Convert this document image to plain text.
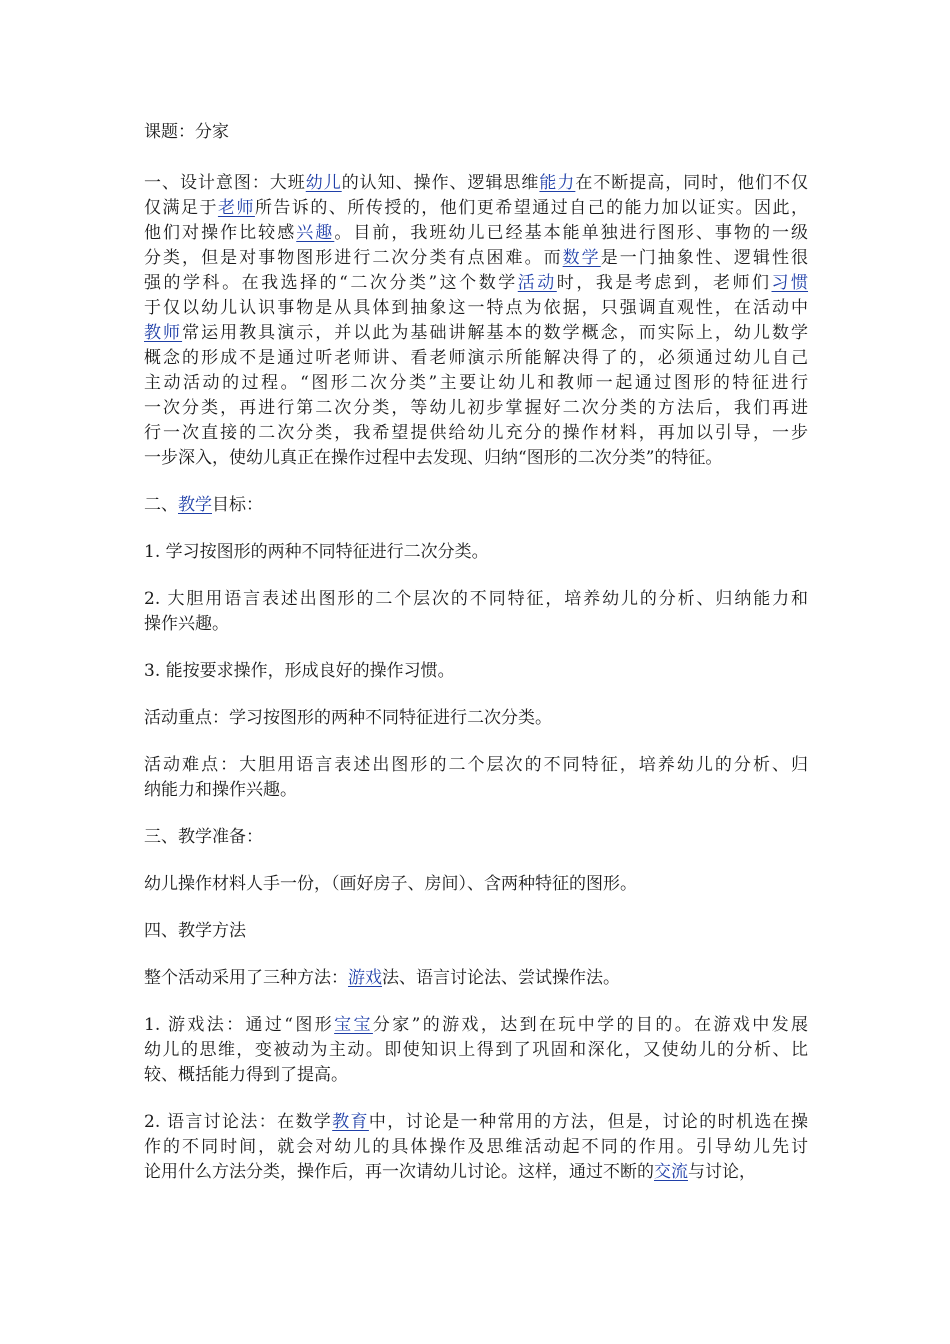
课题：分家
一、设计意图：大班幼儿的认知、操作、逻辑思维能力在不断提高，同时，他们不仅
仅满足于老师所告诉的、所传授的，他们更希望通过自己的能力加以证实。因此，
他们对操作比较感兴趣。目前，我班幼儿已经基本能单独进行图形、事物的一级
分类，但是对事物图形进行二次分类有点困难。而数学是一门抽象性、逻辑性很
强的学科。在我选择的“二次分类”这个数学活动时，我是考虑到，老师们习惯
于仅以幼儿认识事物是从具体到抽象这一特点为依据，只强调直观性，在活动中
教师常运用教具演示，并以此为基础讲解基本的数学概念，而实际上，幼儿数学
概念的形成不是通过听老师讲、看老师演示所能解决得了的，必须通过幼儿自己
主动活动的过程。“图形二次分类”主要让幼儿和教师一起通过图形的特征进行
一次分类，再进行第二次分类，等幼儿初步掌握好二次分类的方法后，我们再进
行一次直接的二次分类，我希望提供给幼儿充分的操作材料，再加以引导，一步
一步深入，使幼儿真正在操作过程中去发现、归纳“图形的二次分类”的特征。
二、教学目标：
1. 学习按图形的两种不同特征进行二次分类。
2. 大胆用语言表述出图形的二个层次的不同特征，培养幼儿的分析、归纳能力和
操作兴趣。
3. 能按要求操作，形成良好的操作习惯。
活动重点：学习按图形的两种不同特征进行二次分类。
活动难点：大胆用语言表述出图形的二个层次的不同特征，培养幼儿的分析、归
纳能力和操作兴趣。
三、教学准备：
幼儿操作材料人手一份，（画好房子、房间）、含两种特征的图形。
四、教学方法
整个活动采用了三种方法：游戏法、语言讨论法、尝试操作法。
1. 游戏法：通过“图形宝宝分家”的游戏，达到在玩中学的目的。在游戏中发展
幼儿的思维，变被动为主动。即使知识上得到了巩固和深化，又使幼儿的分析、比
较、概括能力得到了提高。
2. 语言讨论法：在数学教育中，讨论是一种常用的方法，但是，讨论的时机选在操
作的不同时间，就会对幼儿的具体操作及思维活动起不同的作用。引导幼儿先讨
论用什么方法分类，操作后，再一次请幼儿讨论。这样，通过不断的交流与讨论，
